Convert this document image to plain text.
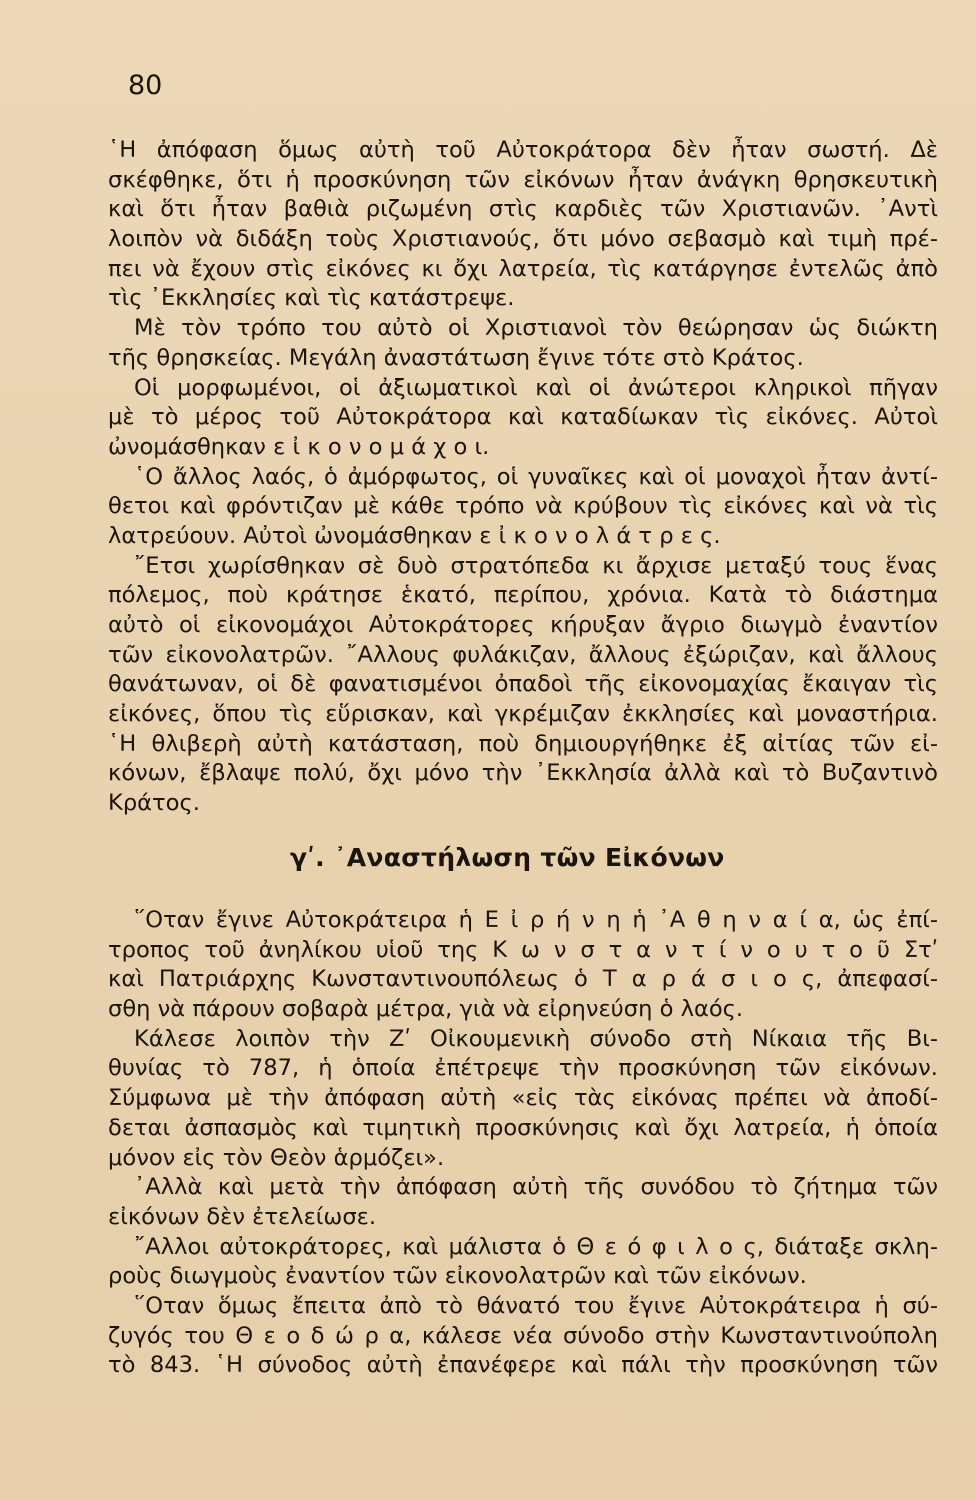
80
῾Η ἀπόφαση ὅμως αὐτὴ τοῦ Αὐτοκράτορα δὲν ἦταν σωστή. Δὲ
σκέφθηκε, ὅτι ἡ προσκύνηση τῶν εἰκόνων ἦταν ἀνάγκη θρησκευτικὴ
καὶ ὅτι ἦταν βαθιὰ ριζωμένη στὶς καρδιὲς τῶν Χριστιανῶν. ᾽Αντὶ
λοιπὸν νὰ διδάξη τοὺς Χριστιανούς, ὅτι μόνο σεβασμὸ καὶ τιμὴ πρέ-
πει νὰ ἔχουν στὶς εἰκόνες κι ὄχι λατρεία, τὶς κατάργησε ἐντελῶς ἀπὸ
τὶς ᾽Εκκλησίες καὶ τὶς κατάστρεψε.
Μὲ τὸν τρόπο του αὐτὸ οἱ Χριστιανοὶ τὸν θεώρησαν ὡς διώκτη
τῆς θρησκείας. Μεγάλη ἀναστάτωση ἔγινε τότε στὸ Κράτος.
Οἱ μορφωμένοι, οἱ ἀξιωματικοὶ καὶ οἱ ἀνώτεροι κληρικοὶ πῆγαν
μὲ τὸ μέρος τοῦ Αὐτοκράτορα καὶ καταδίωκαν τὶς εἰκόνες. Αὐτοὶ
ὠνομάσθηκαν ε ἰ κ ο ν ο μ ά χ ο ι.
῾Ο ἄλλος λαός, ὁ ἀμόρφωτος, οἱ γυναῖκες καὶ οἱ μοναχοὶ ἦταν ἀντί-
θετοι καὶ φρόντιζαν μὲ κάθε τρόπο νὰ κρύβουν τὶς εἰκόνες καὶ νὰ τὶς
λατρεύουν. Αὐτοὶ ὠνομάσθηκαν ε ἰ κ ο ν ο λ ά τ ρ ε ς.
῎Ετσι χωρίσθηκαν σὲ δυὸ στρατόπεδα κι ἄρχισε μεταξύ τους ἕνας
πόλεμος, ποὺ κράτησε ἑκατό, περίπου, χρόνια. Κατὰ τὸ διάστημα
αὐτὸ οἱ εἰκονομάχοι Αὐτοκράτορες κήρυξαν ἄγριο διωγμὸ ἐναντίον
τῶν εἰκονολατρῶν. ῎Αλλους φυλάκιζαν, ἄλλους ἐξώριζαν, καὶ ἄλλους
θανάτωναν, οἱ δὲ φανατισμένοι ὀπαδοὶ τῆς εἰκονομαχίας ἔκαιγαν τὶς
εἰκόνες, ὅπου τὶς εὕρισκαν, καὶ γκρέμιζαν ἐκκλησίες καὶ μοναστήρια.
῾Η θλιβερὴ αὐτὴ κατάσταση, ποὺ δημιουργήθηκε ἐξ αἰτίας τῶν εἰ-
κόνων, ἔβλαψε πολύ, ὄχι μόνο τὴν ᾽Εκκλησία ἀλλὰ καὶ τὸ Βυζαντινὸ
Κράτος.
γʹ. ᾽Αναστήλωση τῶν Εἰκόνων
῞Οταν ἔγινε Αὐτοκράτειρα ἡ Ε ἰ ρ ή ν η ἡ ᾽Α θ η ν α ί α, ὡς ἐπί-
τροπος τοῦ ἀνηλίκου υἱοῦ της Κ ω ν σ τ α ν τ ί ν ο υ τ ο ῦ Στʹ
καὶ Πατριάρχης Κωνσταντινουπόλεως ὁ Τ α ρ ά σ ι ο ς, ἀπεφασί-
σθη νὰ πάρουν σοβαρὰ μέτρα, γιὰ νὰ εἰρηνεύση ὁ λαός.
Κάλεσε λοιπὸν τὴν Ζʹ Οἰκουμενικὴ σύνοδο στὴ Νίκαια τῆς Βι-
θυνίας τὸ 787, ἡ ὁποία ἐπέτρεψε τὴν προσκύνηση τῶν εἰκόνων.
Σύμφωνα μὲ τὴν ἀπόφαση αὐτὴ «εἰς τὰς εἰκόνας πρέπει νὰ ἀποδί-
δεται ἀσπασμὸς καὶ τιμητικὴ προσκύνησις καὶ ὄχι λατρεία, ἡ ὁποία
μόνον εἰς τὸν Θεὸν ἁρμόζει».
᾽Αλλὰ καὶ μετὰ τὴν ἀπόφαση αὐτὴ τῆς συνόδου τὸ ζήτημα τῶν
εἰκόνων δὲν ἐτελείωσε.
῎Αλλοι αὐτοκράτορες, καὶ μάλιστα ὁ Θ ε ό φ ι λ ο ς, διάταξε σκλη-
ροὺς διωγμοὺς ἐναντίον τῶν εἰκονολατρῶν καὶ τῶν εἰκόνων.
῞Οταν ὅμως ἔπειτα ἀπὸ τὸ θάνατό του ἔγινε Αὐτοκράτειρα ἡ σύ-
ζυγός του Θ ε ο δ ώ ρ α, κάλεσε νέα σύνοδο στὴν Κωνσταντινούπολη
τὸ 843. ῾Η σύνοδος αὐτὴ ἐπανέφερε καὶ πάλι τὴν προσκύνηση τῶν
